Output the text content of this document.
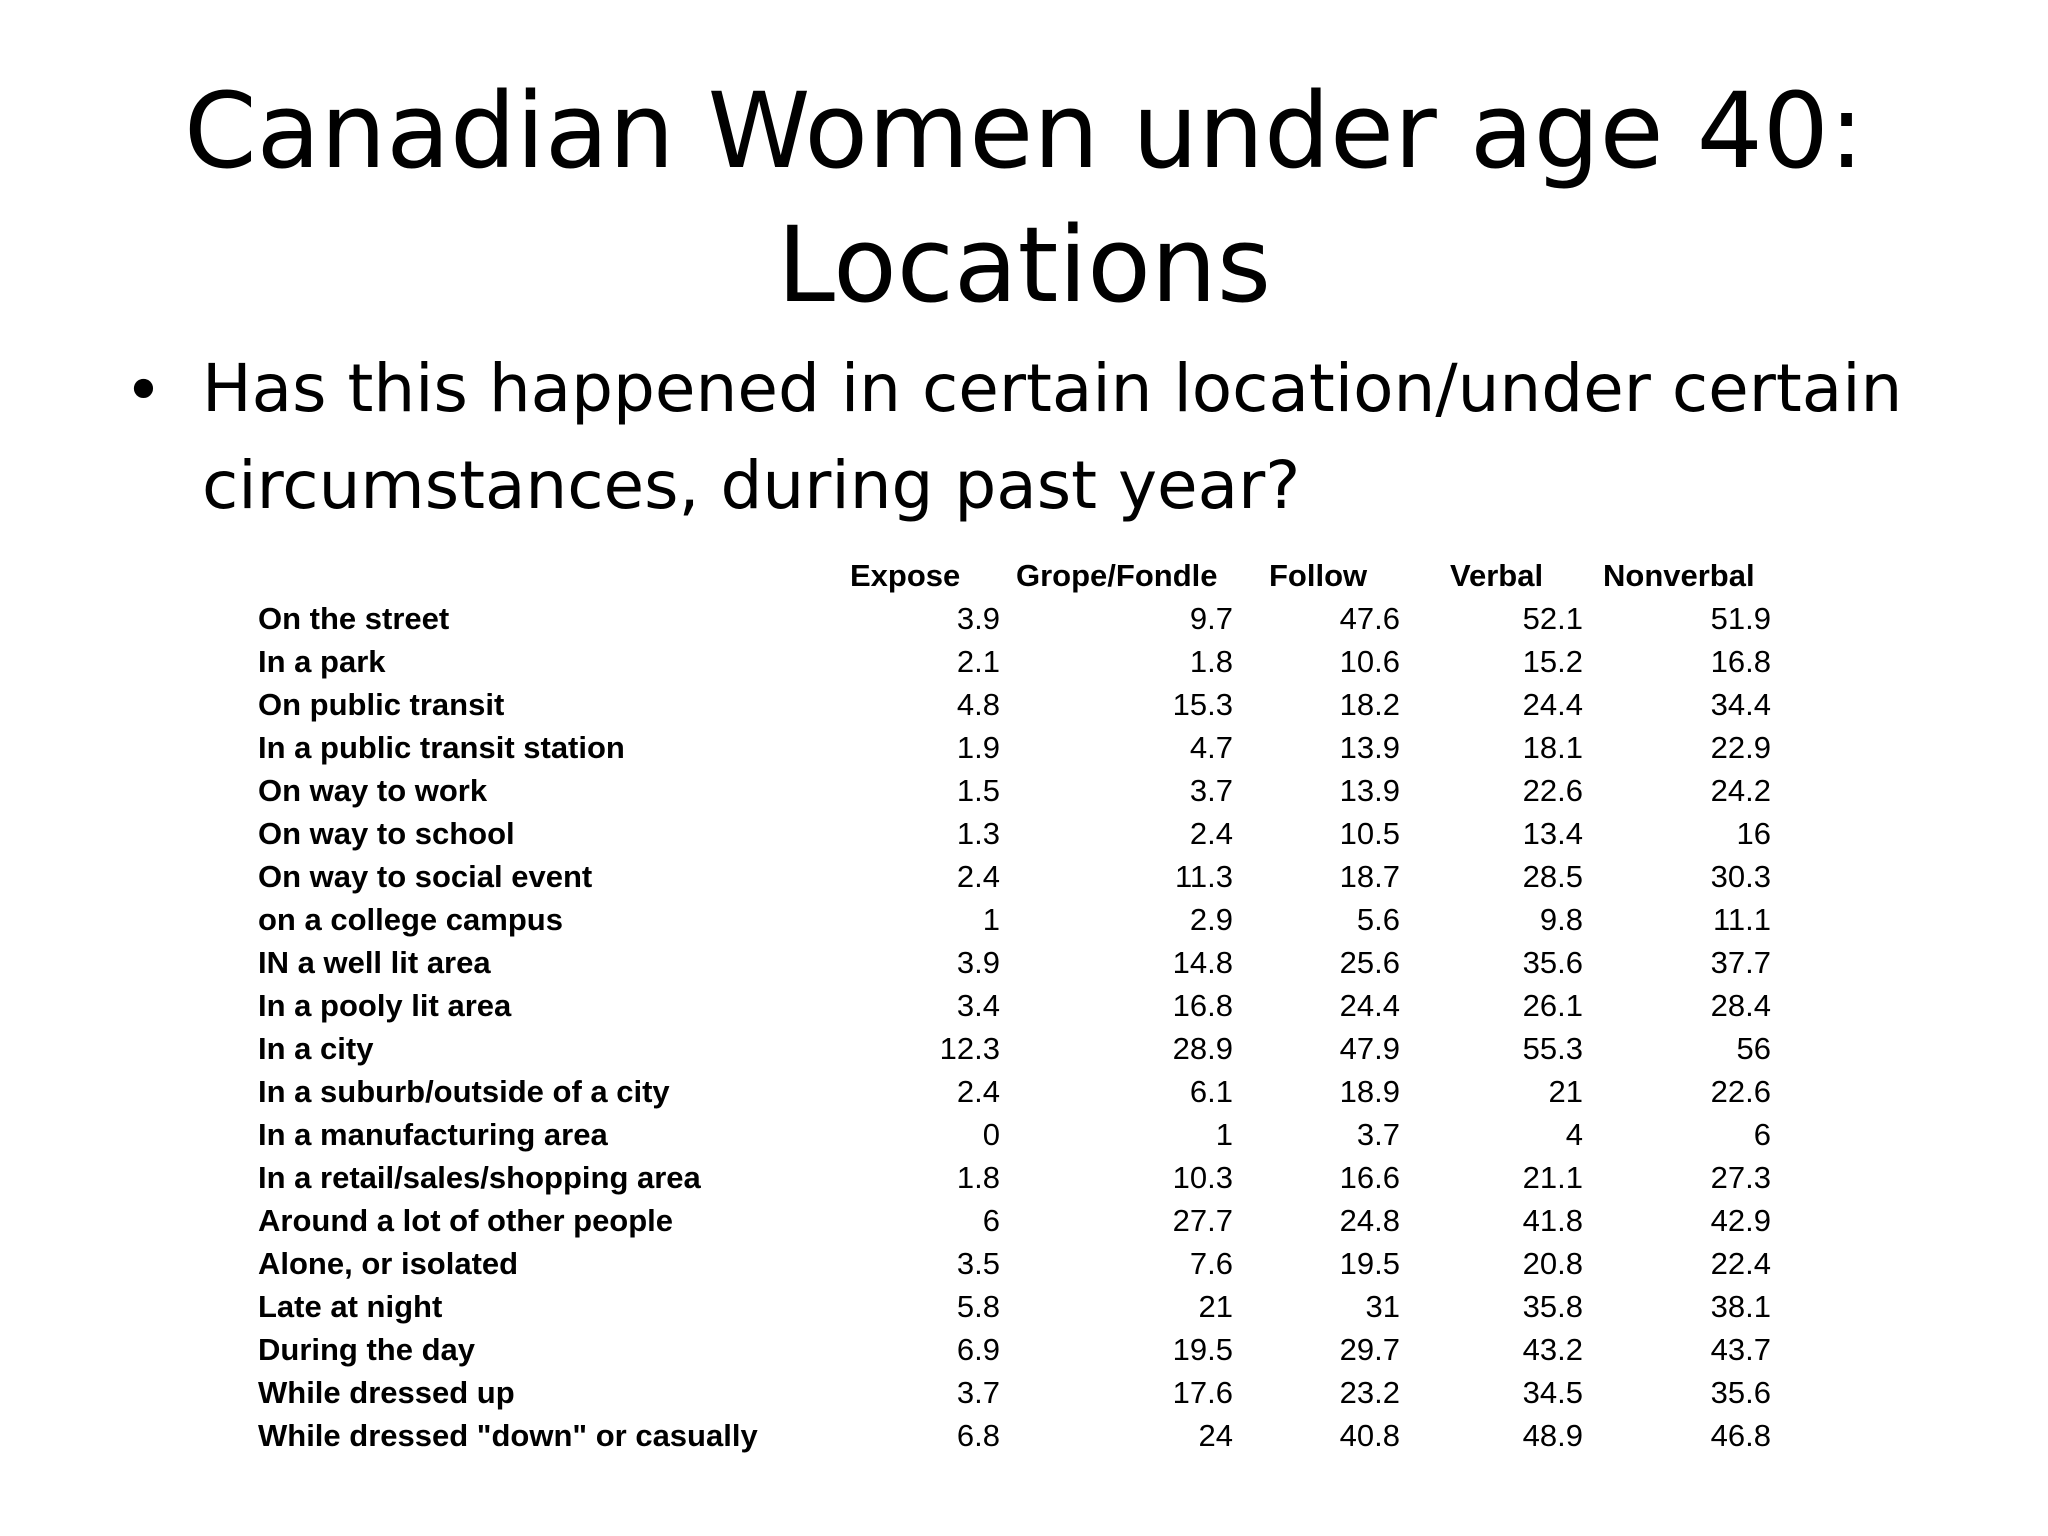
Canadian Women under age 40:
Locations
• Has this happened in certain location/under certain circumstances, during past year?
	Expose	Grope/Fondle	Follow	Verbal	Nonverbal
On the street	3.9	9.7	47.6	52.1	51.9
In a park	2.1	1.8	10.6	15.2	16.8
On public transit	4.8	15.3	18.2	24.4	34.4
In a public transit station	1.9	4.7	13.9	18.1	22.9
On way to work	1.5	3.7	13.9	22.6	24.2
On way to school	1.3	2.4	10.5	13.4	16
On way to social event	2.4	11.3	18.7	28.5	30.3
on a college campus	1	2.9	5.6	9.8	11.1
IN a well lit area	3.9	14.8	25.6	35.6	37.7
In a pooly lit area	3.4	16.8	24.4	26.1	28.4
In a city	12.3	28.9	47.9	55.3	56
In a suburb/outside of a city	2.4	6.1	18.9	21	22.6
In a manufacturing area	0	1	3.7	4	6
In a retail/sales/shopping area	1.8	10.3	16.6	21.1	27.3
Around a lot of other people	6	27.7	24.8	41.8	42.9
Alone, or isolated	3.5	7.6	19.5	20.8	22.4
Late at night	5.8	21	31	35.8	38.1
During the day	6.9	19.5	29.7	43.2	43.7
While dressed up	3.7	17.6	23.2	34.5	35.6
While dressed "down" or casually	6.8	24	40.8	48.9	46.8
